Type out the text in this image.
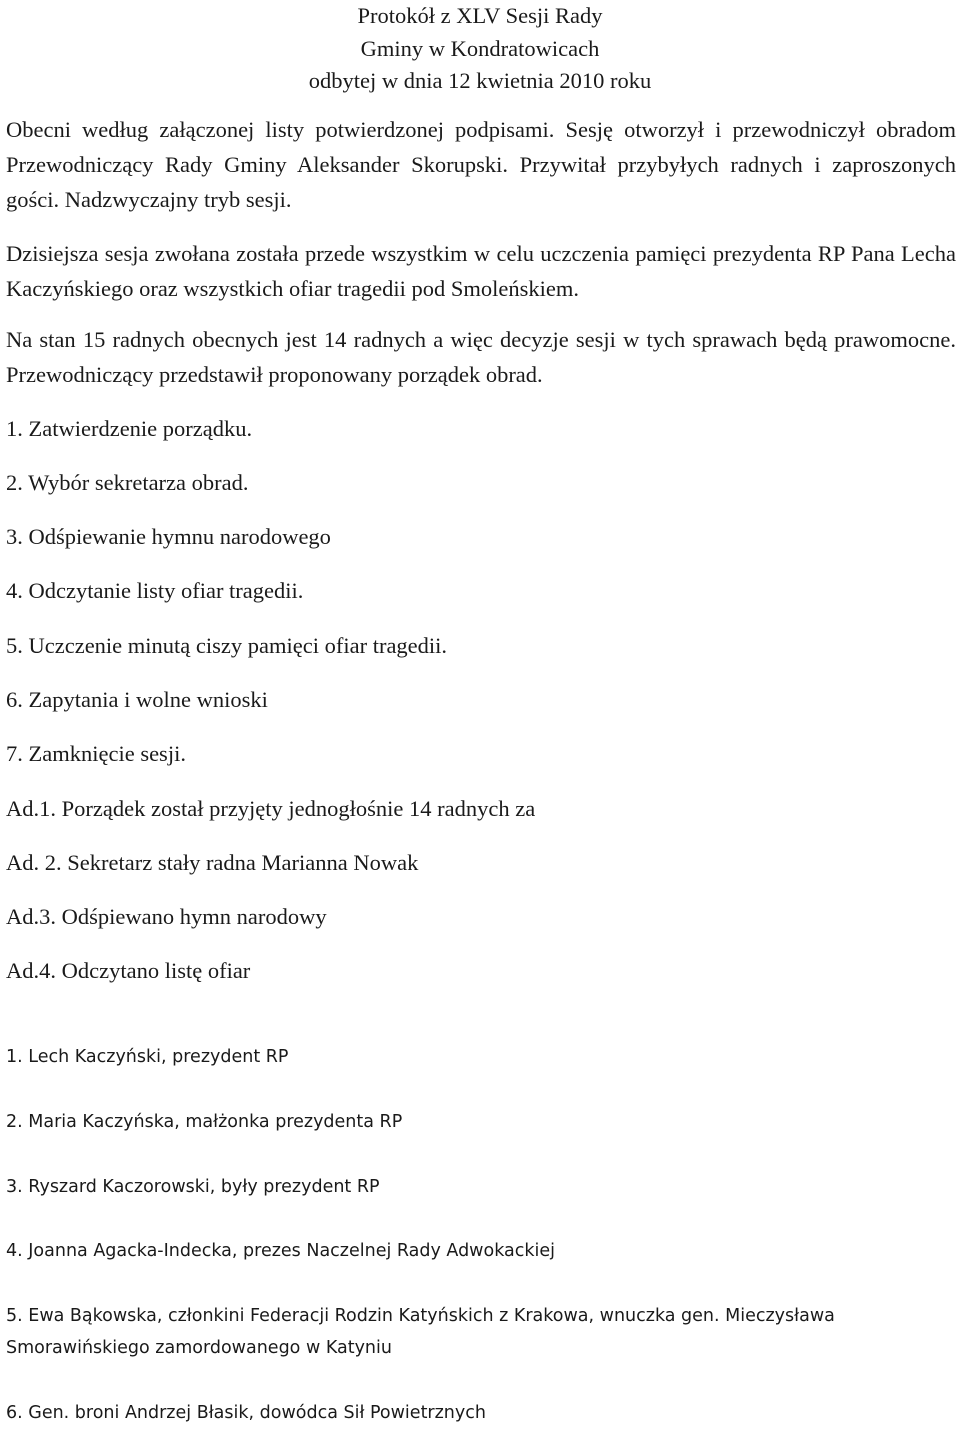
Protokół z XLV Sesji Rady
Gminy w Kondratowicach
odbytej w dnia 12 kwietnia 2010 roku
Obecni według załączonej listy potwierdzonej podpisami. Sesję otworzył i przewodniczył obradom Przewodniczący Rady Gminy Aleksander Skorupski. Przywitał przybyłych radnych i zaproszonych gości. Nadzwyczajny tryb sesji.
Dzisiejsza sesja zwołana została przede wszystkim w celu uczczenia pamięci prezydenta RP Pana Lecha Kaczyńskiego oraz wszystkich ofiar tragedii pod Smoleńskiem.
Na stan 15 radnych obecnych jest 14 radnych a więc decyzje sesji w tych sprawach będą prawomocne. Przewodniczący przedstawił proponowany porządek obrad.
1. Zatwierdzenie porządku.
2. Wybór sekretarza obrad.
3. Odśpiewanie hymnu narodowego
4. Odczytanie listy ofiar tragedii.
5. Uczczenie minutą ciszy pamięci ofiar tragedii.
6. Zapytania i wolne wnioski
7. Zamknięcie sesji.
Ad.1. Porządek został przyjęty jednogłośnie 14 radnych za
Ad. 2. Sekretarz stały radna Marianna Nowak
Ad.3. Odśpiewano hymn narodowy
Ad.4. Odczytano listę ofiar
1. Lech Kaczyński, prezydent RP
2. Maria Kaczyńska, małżonka prezydenta RP
3. Ryszard Kaczorowski, były prezydent RP
4. Joanna Agacka-Indecka, prezes Naczelnej Rady Adwokackiej
5. Ewa Bąkowska, członkini Federacji Rodzin Katyńskich z Krakowa, wnuczka gen. Mieczysława Smorawińskiego zamordowanego w Katyniu
6. Gen. broni Andrzej Błasik, dowódca Sił Powietrznych
